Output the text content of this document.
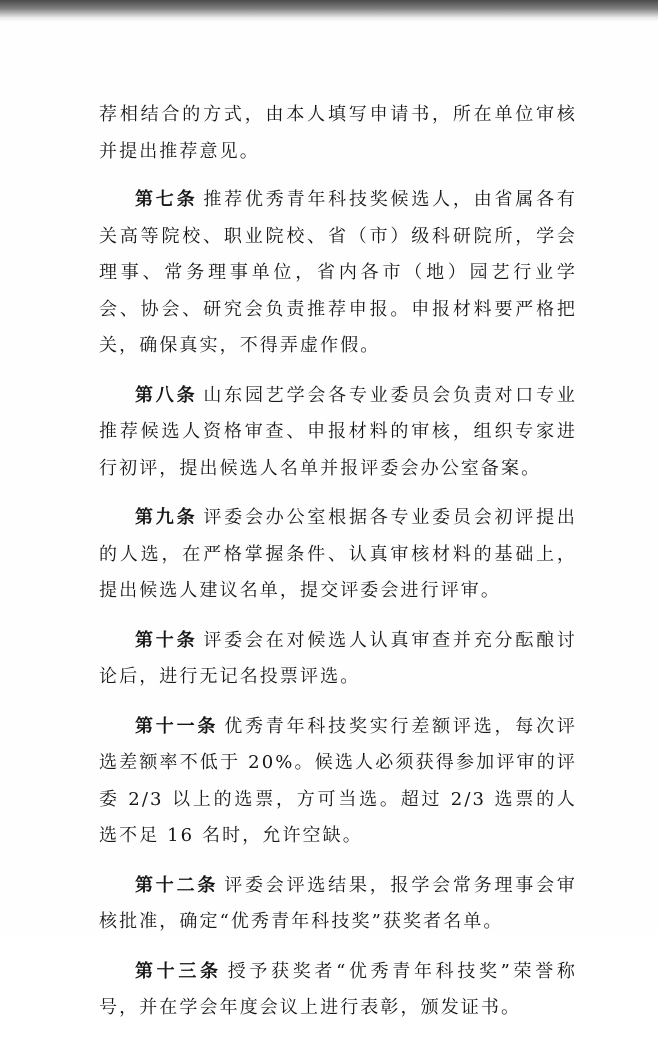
荐相结合的方式，由本人填写申请书，所在单位审核并提出推荐意见。

第七条 推荐优秀青年科技奖候选人，由省属各有关高等院校、职业院校、省（市）级科研院所，学会理事、常务理事单位，省内各市（地）园艺行业学会、协会、研究会负责推荐申报。申报材料要严格把关，确保真实，不得弄虚作假。

第八条 山东园艺学会各专业委员会负责对口专业推荐候选人资格审查、申报材料的审核，组织专家进行初评，提出候选人名单并报评委会办公室备案。

第九条 评委会办公室根据各专业委员会初评提出的人选，在严格掌握条件、认真审核材料的基础上，提出候选人建议名单，提交评委会进行评审。

第十条 评委会在对候选人认真审查并充分酝酿讨论后，进行无记名投票评选。

第十一条 优秀青年科技奖实行差额评选，每次评选差额率不低于 20%。候选人必须获得参加评审的评委 2/3 以上的选票，方可当选。超过 2/3 选票的人选不足 16 名时，允许空缺。

第十二条 评委会评选结果，报学会常务理事会审核批准，确定“优秀青年科技奖”获奖者名单。

第十三条 授予获奖者“优秀青年科技奖”荣誉称号，并在学会年度会议上进行表彰，颁发证书。
